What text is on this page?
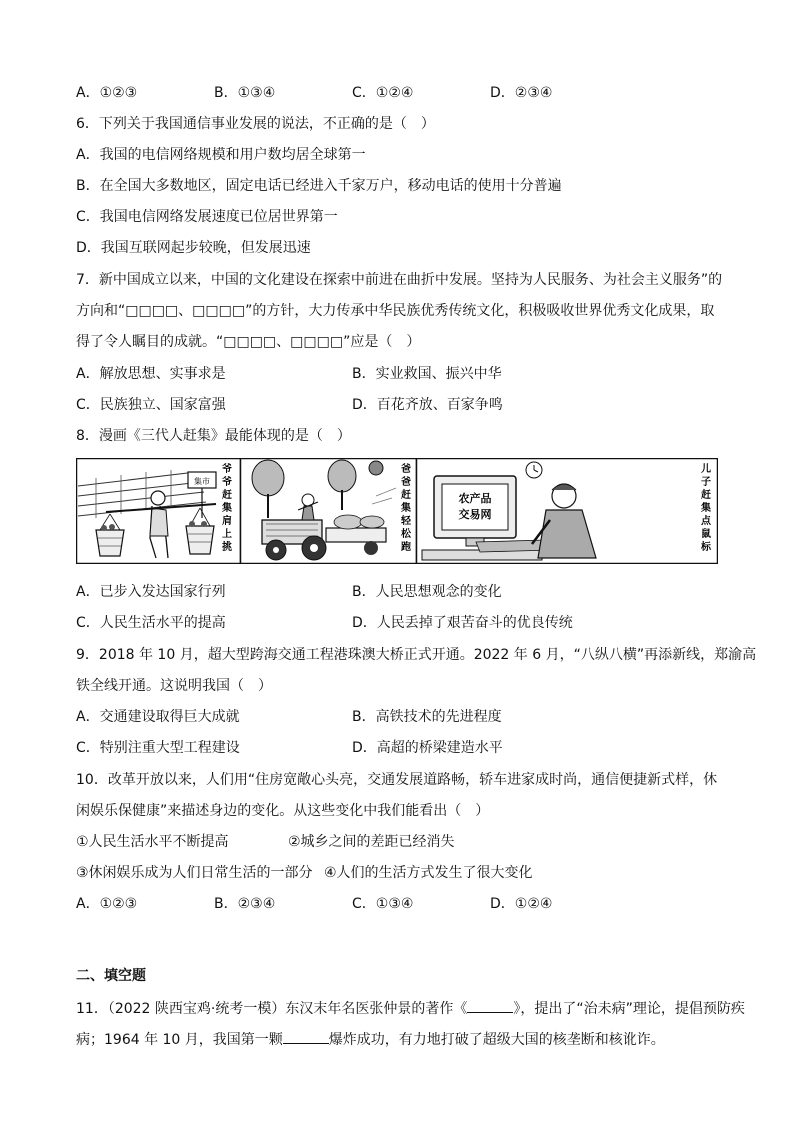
A．①②③	B．①③④	C．①②④	D．②③④
6．下列关于我国通信事业发展的说法，不正确的是（　）
A．我国的电信网络规模和用户数均居全球第一
B．在全国大多数地区，固定电话已经进入千家万户，移动电话的使用十分普遍
C．我国电信网络发展速度已位居世界第一
D．我国互联网起步较晚，但发展迅速
7．新中国成立以来，中国的文化建设在探索中前进在曲折中发展。坚持为人民服务、为社会主义服务”的
方向和“□□□□、□□□□”的方针，大力传承中华民族优秀传统文化，积极吸收世界优秀文化成果，取
得了令人瞩目的成就。“□□□□、□□□□”应是（　）
A．解放思想、实事求是	B．实业救国、振兴中华
C．民族独立、国家富强	D．百花齐放、百家争鸣
8．漫画《三代人赶集》最能体现的是（　）
集市
爷
爷
赶
集
肩
上
挑
爸
爸
赶
集
轻
松
跑
农产品
交易网
儿
子
赶
集
点
鼠
标
A．已步入发达国家行列	B．人民思想观念的变化
C．人民生活水平的提高	D．人民丢掉了艰苦奋斗的优良传统
9．2018 年 10 月，超大型跨海交通工程港珠澳大桥正式开通。2022 年 6 月，“八纵八横”再添新线，郑渝高
铁全线开通。这说明我国（　）
A．交通建设取得巨大成就	B．高铁技术的先进程度
C．特别注重大型工程建设	D．高超的桥梁建造水平
10．改革开放以来，人们用“住房宽敞心头亮，交通发展道路畅，轿车进家成时尚，通信便捷新式样，休
闲娱乐保健康”来描述身边的变化。从这些变化中我们能看出（　）
①人民生活水平不断提高	②城乡之间的差距已经消失
③休闲娱乐成为人们日常生活的一部分 ④人们的生活方式发生了很大变化
A．①②③	B．②③④	C．①③④	D．①②④
二、填空题
11．（2022 陕西宝鸡·统考一模）东汉末年名医张仲景的著作《	》，提出了“治未病”理论，提倡预防疾
病；1964 年 10 月，我国第一颗	爆炸成功，有力地打破了超级大国的核垄断和核讹诈。
